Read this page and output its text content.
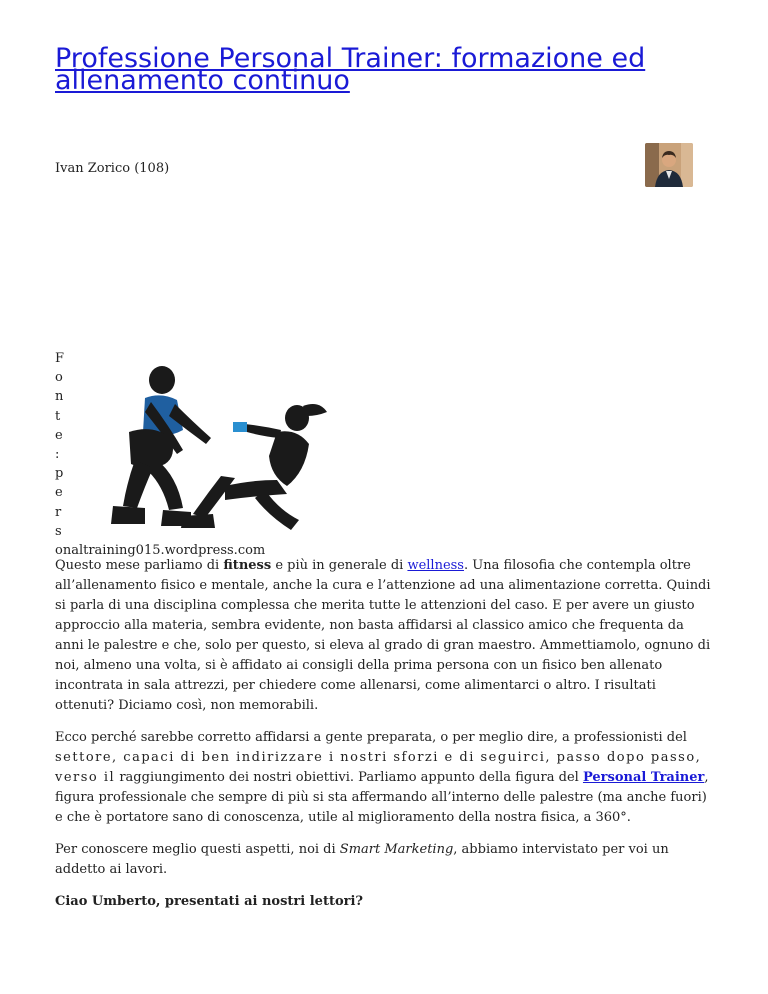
Professione Personal Trainer: formazione ed allenamento continuo
Ivan Zorico (108)
F
o
n
t
e
:
p
e
r
s
onaltraining015.wordpress.com

Questo mese parliamo di fitness e più in generale di wellness. Una filosofia che contempla oltre all’allenamento fisico e mentale, anche la cura e l’attenzione ad una alimentazione corretta. Quindi si parla di una disciplina complessa che merita tutte le attenzioni del caso. E per avere un giusto approccio alla materia, sembra evidente, non basta affidarsi al classico amico che frequenta da anni le palestre e che, solo per questo, si eleva al grado di gran maestro. Ammettiamolo, ognuno di noi, almeno una volta, si è affidato ai consigli della prima persona con un fisico ben allenato incontrata in sala attrezzi, per chiedere come allenarsi, come alimentarci o altro. I risultati ottenuti? Diciamo così, non memorabili.

Ecco perché sarebbe corretto affidarsi a gente preparata, o per meglio dire, a professionisti del settore, capaci di ben indirizzare i nostri sforzi e di seguirci, passo dopo passo, verso il raggiungimento dei nostri obiettivi. Parliamo appunto della figura del Personal Trainer, figura professionale che sempre di più si sta affermando all’interno delle palestre (ma anche fuori) e che è portatore sano di conoscenza, utile al miglioramento della nostra fisica, a 360°.

Per conoscere meglio questi aspetti, noi di Smart Marketing, abbiamo intervistato per voi un addetto ai lavori.

Ciao Umberto, presentati ai nostri lettori?
